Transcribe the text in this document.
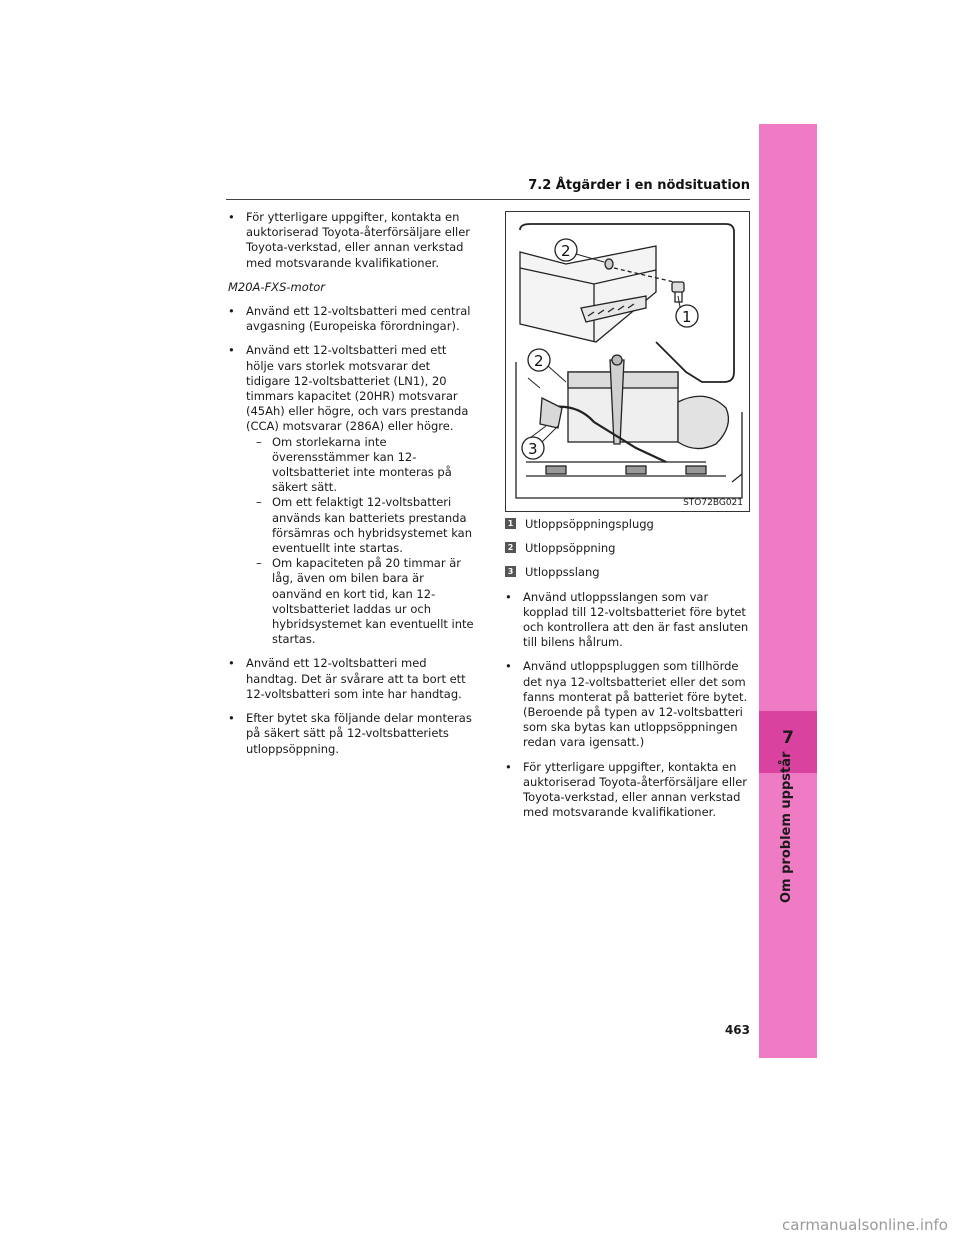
7.2 Åtgärder i en nödsituation
7
Om problem uppstår
• För ytterligare uppgifter, kontakta en auktoriserad Toyota-återförsäljare eller Toyota-verkstad, eller annan verkstad med motsvarande kvalifikationer.
M20A-FXS-motor
• Använd ett 12-voltsbatteri med central avgasning (Europeiska förordningar).
• Använd ett 12-voltsbatteri med ett hölje vars storlek motsvarar det tidigare 12-voltsbatteriet (LN1), 20 timmars kapacitet (20HR) motsvarar (45Ah) eller högre, och vars prestanda (CCA) motsvarar (286A) eller högre.
– Om storlekarna inte överensstämmer kan 12-voltsbatteriet inte monteras på säkert sätt.
– Om ett felaktigt 12-voltsbatteri används kan batteriets prestanda försämras och hybridsystemet kan eventuellt inte startas.
– Om kapaciteten på 20 timmar är låg, även om bilen bara är oanvänd en kort tid, kan 12-voltsbatteriet laddas ur och hybridsystemet kan eventuellt inte startas.
• Använd ett 12-voltsbatteri med handtag. Det är svårare att ta bort ett 12-voltsbatteri som inte har handtag.
• Efter bytet ska följande delar monteras på säkert sätt på 12-voltsbatteriets utloppsöppning.
2
1
2
3
STO72BG021
1 Utloppsöppningsplugg
2 Utloppsöppning
3 Utloppsslang
• Använd utloppsslangen som var kopplad till 12-voltsbatteriet före bytet och kontrollera att den är fast ansluten till bilens hålrum.
• Använd utloppspluggen som tillhörde det nya 12-voltsbatteriet eller det som fanns monterat på batteriet före bytet. (Beroende på typen av 12-voltsbatteri som ska bytas kan utloppsöppningen redan vara igensatt.)
• För ytterligare uppgifter, kontakta en auktoriserad Toyota-återförsäljare eller Toyota-verkstad, eller annan verkstad med motsvarande kvalifikationer.
463
carmanualsonline.info
